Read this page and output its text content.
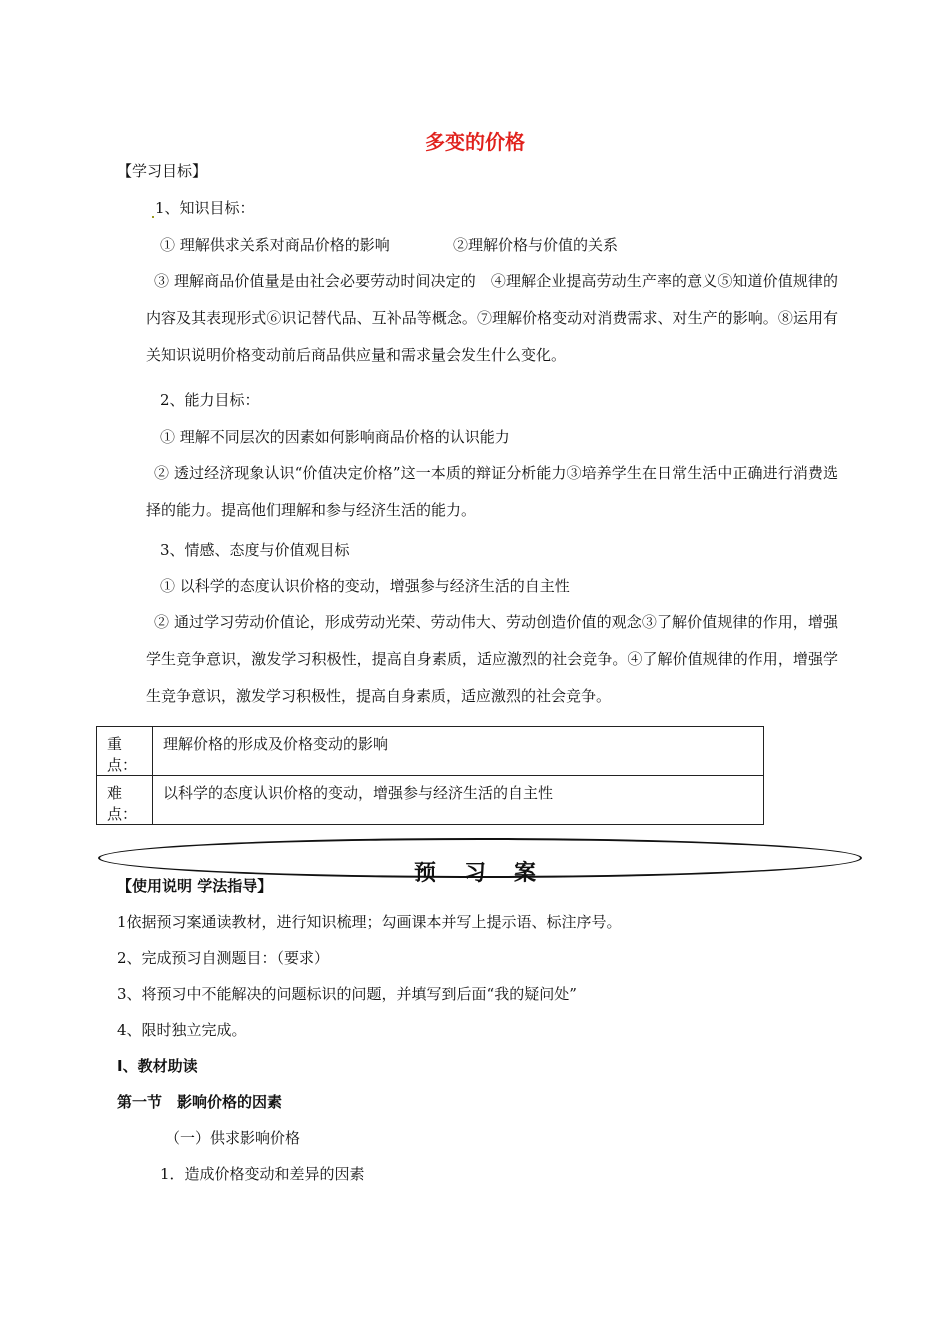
多变的价格
【学习目标】
1、知识目标：
① 理解供求关系对商品价格的影响	②理解价格与价值的关系
③ 理解商品价值量是由社会必要劳动时间决定的　④理解企业提高劳动生产率的意义⑤知道价值规律的内容及其表现形式⑥识记替代品、互补品等概念。⑦理解价格变动对消费需求、对生产的影响。⑧运用有关知识说明价格变动前后商品供应量和需求量会发生什么变化。
2、能力目标：
① 理解不同层次的因素如何影响商品价格的认识能力
② 透过经济现象认识“价值决定价格”这一本质的辩证分析能力③培养学生在日常生活中正确进行消费选择的能力。提高他们理解和参与经济生活的能力。
3、情感、态度与价值观目标
① 以科学的态度认识价格的变动，增强参与经济生活的自主性
② 通过学习劳动价值论，形成劳动光荣、劳动伟大、劳动创造价值的观念③了解价值规律的作用，增强学生竞争意识，激发学习积极性，提高自身素质，适应激烈的社会竞争。④了解价值规律的作用，增强学生竞争意识，激发学习积极性，提高自身素质，适应激烈的社会竞争。
重点：	理解价格的形成及价格变动的影响
难点：	以科学的态度认识价格的变动，增强参与经济生活的自主性
预习案
【使用说明 学法指导】
1依据预习案通读教材，进行知识梳理；勾画课本并写上提示语、标注序号。
2、完成预习自测题目：（要求）
3、将预习中不能解决的问题标识的问题，并填写到后面“我的疑问处”
4、限时独立完成。
I、教材助读
第一节　影响价格的因素
（一）供求影响价格
1．造成价格变动和差异的因素
